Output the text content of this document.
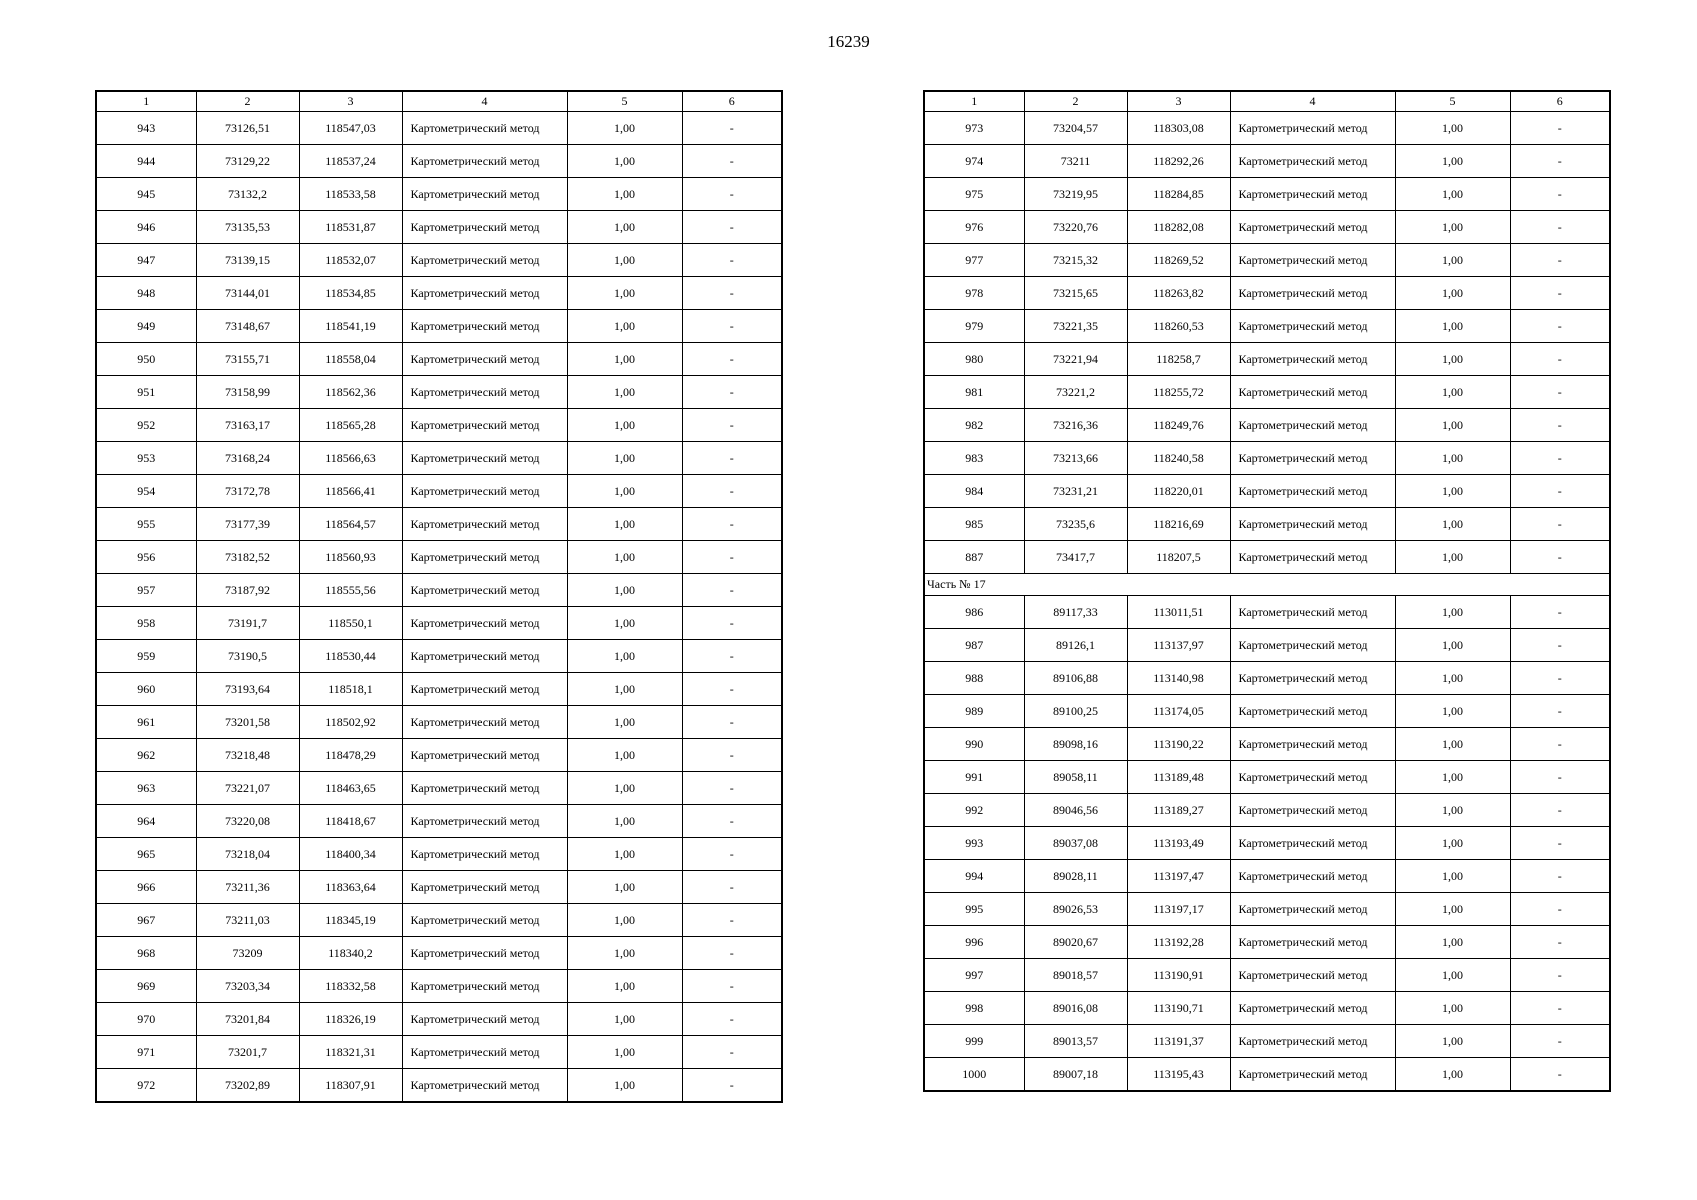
16239
1	2	3	4	5	6
943	73126,51	118547,03	Картометрический метод	1,00	-
944	73129,22	118537,24	Картометрический метод	1,00	-
945	73132,2	118533,58	Картометрический метод	1,00	-
946	73135,53	118531,87	Картометрический метод	1,00	-
947	73139,15	118532,07	Картометрический метод	1,00	-
948	73144,01	118534,85	Картометрический метод	1,00	-
949	73148,67	118541,19	Картометрический метод	1,00	-
950	73155,71	118558,04	Картометрический метод	1,00	-
951	73158,99	118562,36	Картометрический метод	1,00	-
952	73163,17	118565,28	Картометрический метод	1,00	-
953	73168,24	118566,63	Картометрический метод	1,00	-
954	73172,78	118566,41	Картометрический метод	1,00	-
955	73177,39	118564,57	Картометрический метод	1,00	-
956	73182,52	118560,93	Картометрический метод	1,00	-
957	73187,92	118555,56	Картометрический метод	1,00	-
958	73191,7	118550,1	Картометрический метод	1,00	-
959	73190,5	118530,44	Картометрический метод	1,00	-
960	73193,64	118518,1	Картометрический метод	1,00	-
961	73201,58	118502,92	Картометрический метод	1,00	-
962	73218,48	118478,29	Картометрический метод	1,00	-
963	73221,07	118463,65	Картометрический метод	1,00	-
964	73220,08	118418,67	Картометрический метод	1,00	-
965	73218,04	118400,34	Картометрический метод	1,00	-
966	73211,36	118363,64	Картометрический метод	1,00	-
967	73211,03	118345,19	Картометрический метод	1,00	-
968	73209	118340,2	Картометрический метод	1,00	-
969	73203,34	118332,58	Картометрический метод	1,00	-
970	73201,84	118326,19	Картометрический метод	1,00	-
971	73201,7	118321,31	Картометрический метод	1,00	-
972	73202,89	118307,91	Картометрический метод	1,00	-
1	2	3	4	5	6
973	73204,57	118303,08	Картометрический метод	1,00	-
974	73211	118292,26	Картометрический метод	1,00	-
975	73219,95	118284,85	Картометрический метод	1,00	-
976	73220,76	118282,08	Картометрический метод	1,00	-
977	73215,32	118269,52	Картометрический метод	1,00	-
978	73215,65	118263,82	Картометрический метод	1,00	-
979	73221,35	118260,53	Картометрический метод	1,00	-
980	73221,94	118258,7	Картометрический метод	1,00	-
981	73221,2	118255,72	Картометрический метод	1,00	-
982	73216,36	118249,76	Картометрический метод	1,00	-
983	73213,66	118240,58	Картометрический метод	1,00	-
984	73231,21	118220,01	Картометрический метод	1,00	-
985	73235,6	118216,69	Картометрический метод	1,00	-
887	73417,7	118207,5	Картометрический метод	1,00	-
Часть № 17					
986	89117,33	113011,51	Картометрический метод	1,00	-
987	89126,1	113137,97	Картометрический метод	1,00	-
988	89106,88	113140,98	Картометрический метод	1,00	-
989	89100,25	113174,05	Картометрический метод	1,00	-
990	89098,16	113190,22	Картометрический метод	1,00	-
991	89058,11	113189,48	Картометрический метод	1,00	-
992	89046,56	113189,27	Картометрический метод	1,00	-
993	89037,08	113193,49	Картометрический метод	1,00	-
994	89028,11	113197,47	Картометрический метод	1,00	-
995	89026,53	113197,17	Картометрический метод	1,00	-
996	89020,67	113192,28	Картометрический метод	1,00	-
997	89018,57	113190,91	Картометрический метод	1,00	-
998	89016,08	113190,71	Картометрический метод	1,00	-
999	89013,57	113191,37	Картометрический метод	1,00	-
1000	89007,18	113195,43	Картометрический метод	1,00	-
